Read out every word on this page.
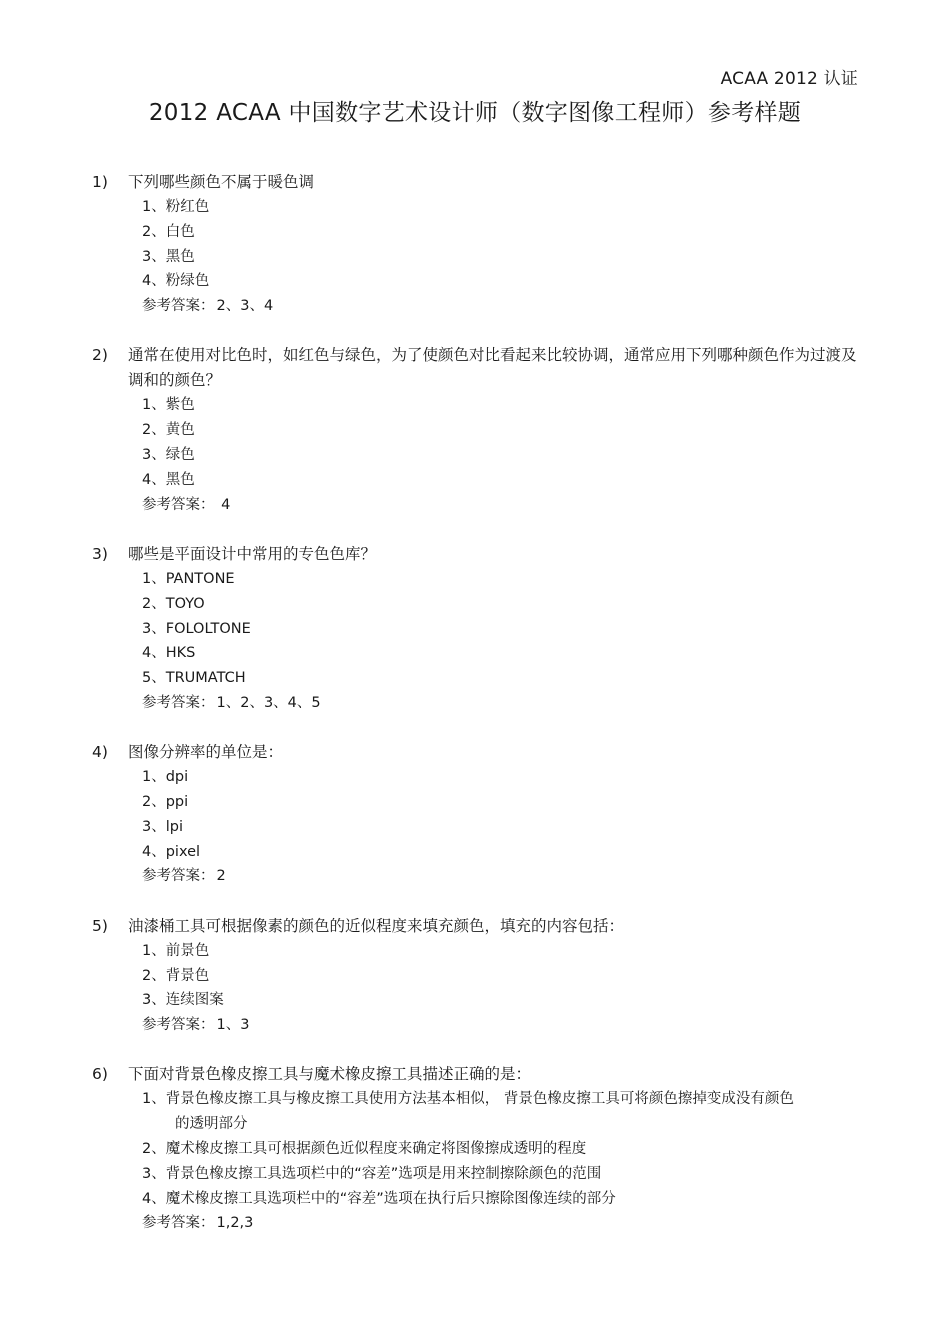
ACAA 2012 认证
2012 ACAA 中国数字艺术设计师（数字图像工程师）参考样题
1)	下列哪些颜色不属于暖色调
1、粉红色
2、白色
3、黑色
4、粉绿色
参考答案： 2、3、4
2)	通常在使用对比色时，如红色与绿色，为了使颜色对比看起来比较协调，通常应用下列哪种颜色作为过渡及调和的颜色？
1、紫色
2、黄色
3、绿色
4、黑色
参考答案： 4
3)	哪些是平面设计中常用的专色色库？
1、PANTONE
2、TOYO
3、FOLOLTONE
4、HKS
5、TRUMATCH
参考答案： 1、2、3、4、5
4)	图像分辨率的单位是：
1、dpi
2、ppi
3、lpi
4、pixel
参考答案： 2
5)	油漆桶工具可根据像素的颜色的近似程度来填充颜色，填充的内容包括：
1、前景色
2、背景色
3、连续图案
参考答案： 1、3
6)	下面对背景色橡皮擦工具与魔术橡皮擦工具描述正确的是：
1、背景色橡皮擦工具与橡皮擦工具使用方法基本相似， 背景色橡皮擦工具可将颜色擦掉变成没有颜色
的透明部分
2、魔术橡皮擦工具可根据颜色近似程度来确定将图像擦成透明的程度
3、背景色橡皮擦工具选项栏中的“容差”选项是用来控制擦除颜色的范围
4、魔术橡皮擦工具选项栏中的“容差”选项在执行后只擦除图像连续的部分
参考答案： 1,2,3
